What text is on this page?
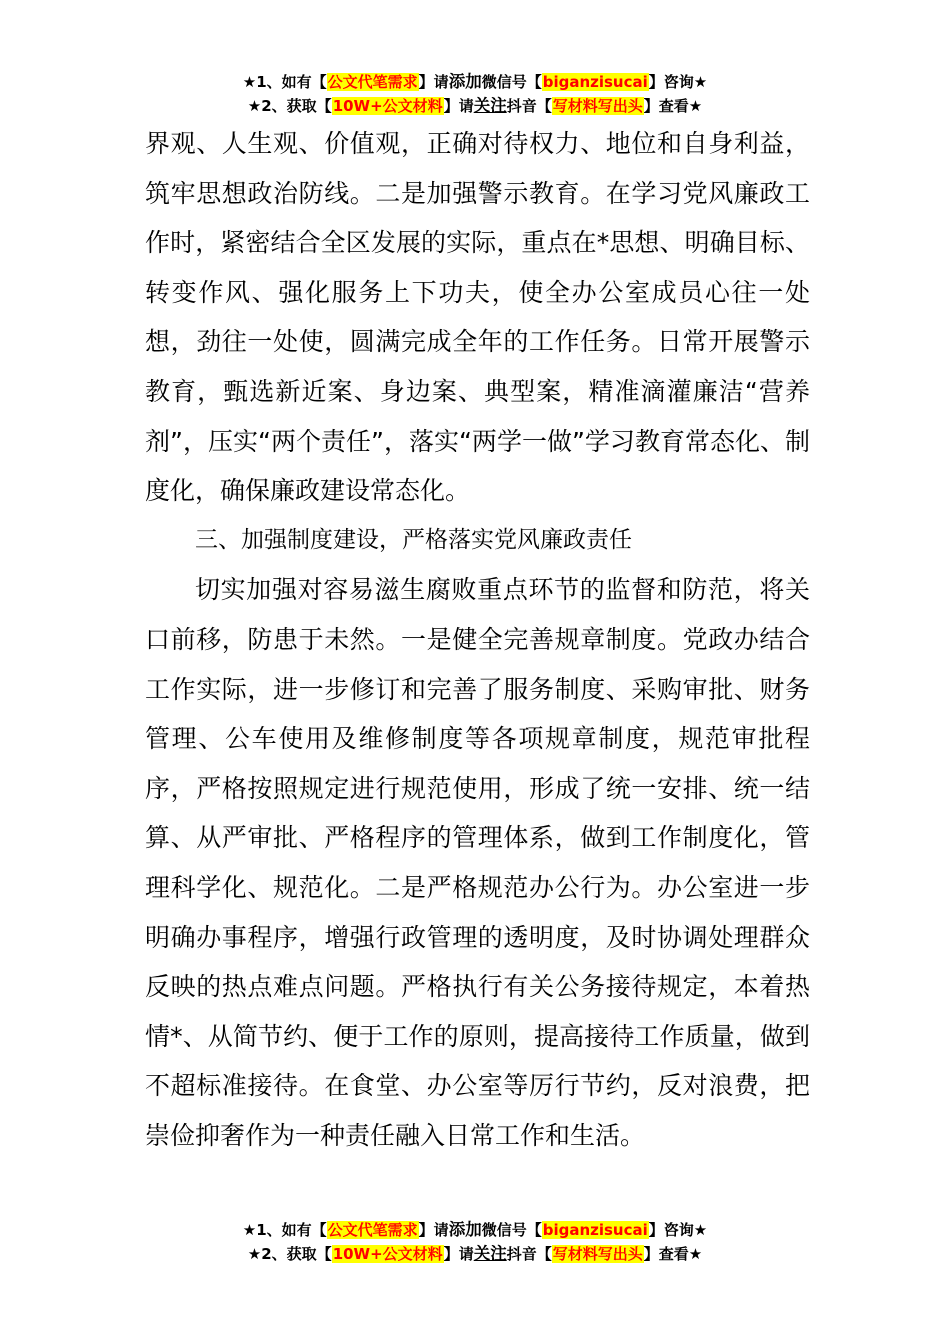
★1、如有【公文代笔需求】请添加微信号【biganzisucai】咨询★
★2、获取【10W+公文材料】请关注抖音【写材料写出头】查看★

界观、人生观、价值观，正确对待权力、地位和自身利益，筑牢思想政治防线。二是加强警示教育。在学习党风廉政工作时，紧密结合全区发展的实际，重点在*思想、明确目标、转变作风、强化服务上下功夫，使全办公室成员心往一处想，劲往一处使，圆满完成全年的工作任务。日常开展警示教育，甄选新近案、身边案、典型案，精准滴灌廉洁“营养剂”，压实“两个责任”，落实“两学一做”学习教育常态化、制度化，确保廉政建设常态化。

三、加强制度建设，严格落实党风廉政责任

切实加强对容易滋生腐败重点环节的监督和防范，将关口前移，防患于未然。一是健全完善规章制度。党政办结合工作实际，进一步修订和完善了服务制度、采购审批、财务管理、公车使用及维修制度等各项规章制度，规范审批程序，严格按照规定进行规范使用，形成了统一安排、统一结算、从严审批、严格程序的管理体系，做到工作制度化，管理科学化、规范化。二是严格规范办公行为。办公室进一步明确办事程序，增强行政管理的透明度，及时协调处理群众反映的热点难点问题。严格执行有关公务接待规定，本着热情*、从简节约、便于工作的原则，提高接待工作质量，做到不超标准接待。在食堂、办公室等厉行节约，反对浪费，把崇俭抑奢作为一种责任融入日常工作和生活。

★1、如有【公文代笔需求】请添加微信号【biganzisucai】咨询★
★2、获取【10W+公文材料】请关注抖音【写材料写出头】查看★
